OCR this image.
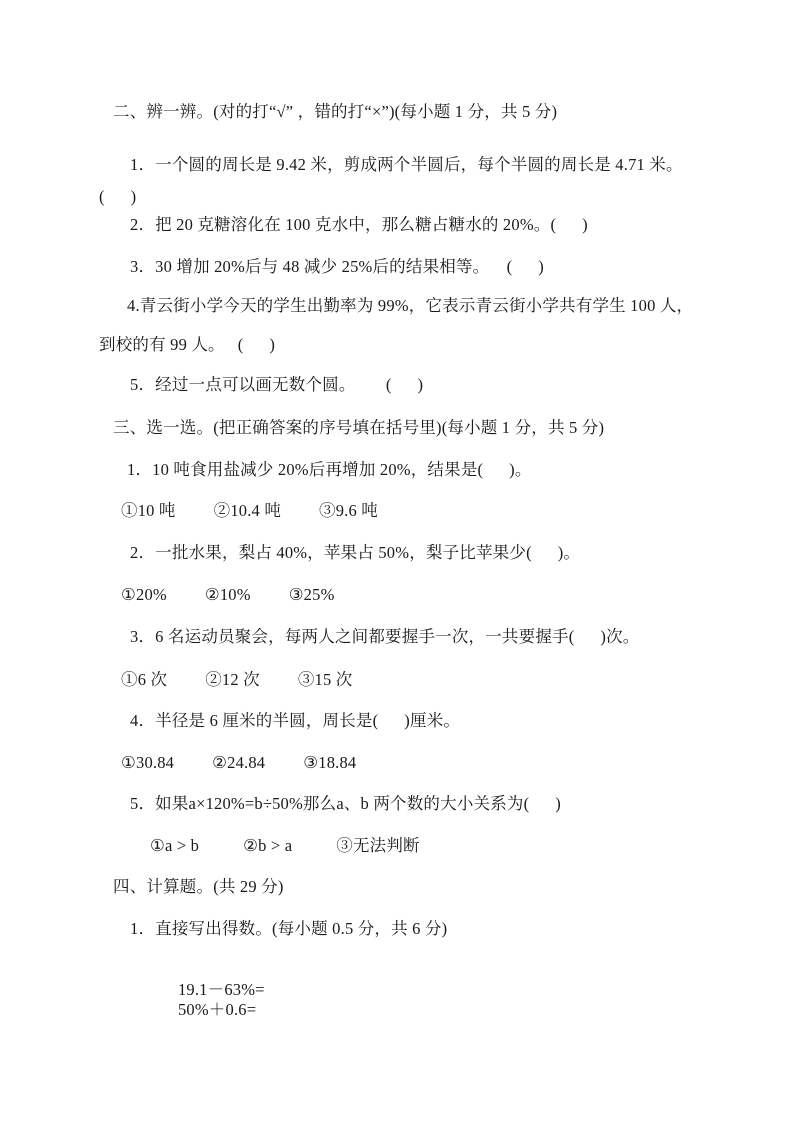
二、辨一辨。(对的打“√” ，错的打“×”)(每小题 1 分，共 5 分)
1．一个圆的周长是 9.42 米，剪成两个半圆后，每个半圆的周长是 4.71 米。
(      )
2．把 20 克糖溶化在 100 克水中，那么糖占糖水的 20%。(      )
3．30 增加 20%后与 48 减少 25%后的结果相等。    (      )
4.青云街小学今天的学生出勤率为 99%，它表示青云街小学共有学生 100 人，
到校的有 99 人。   (      )
5．经过一点可以画无数个圆。       (      )
三、选一选。(把正确答案的序号填在括号里)(每小题 1 分，共 5 分)
1．10 吨食用盐减少 20%后再增加 20%，结果是(      )。
①10 吨 ②10.4 吨 ③9.6 吨
2．一批水果，梨占 40%，苹果占 50%，梨子比苹果少(      )。
①20% ②10% ③25%
3．6 名运动员聚会，每两人之间都要握手一次，一共要握手(      )次。
①6 次 ②12 次 ③15 次
4．半径是 6 厘米的半圆，周长是(      )厘米。
①30.84 ②24.84 ③18.84
5．如果a×120%=b÷50%那么a、b 两个数的大小关系为(      )
①a > b	②b > a	③无法判断
四、计算题。(共 29 分)
1．直接写出得数。(每小题 0.5 分，共 6 分)

19.1－63%=
50%＋0.6=
